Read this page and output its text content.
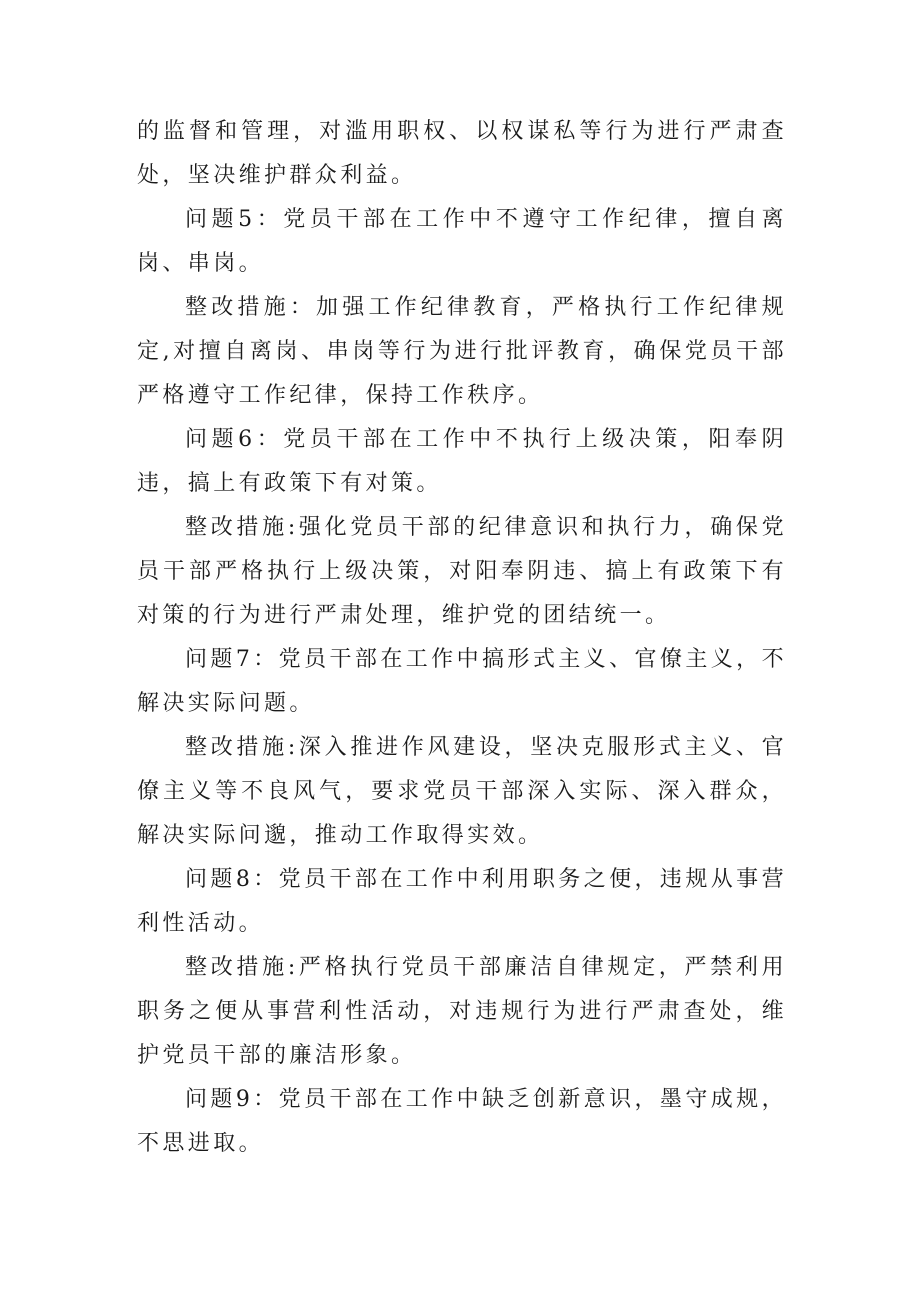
的监督和管理，对滥用职权、以权谋私等行为进行严肃查处，坚决维护群众利益。

问题5：党员干部在工作中不遵守工作纪律，擅自离岗、串岗。

整改措施：加强工作纪律教育，严格执行工作纪律规定,对擅自离岗、串岗等行为进行批评教育，确保党员干部严格遵守工作纪律，保持工作秩序。

问题6：党员干部在工作中不执行上级决策，阳奉阴违，搞上有政策下有对策。

整改措施:强化党员干部的纪律意识和执行力，确保党员干部严格执行上级决策，对阳奉阴违、搞上有政策下有对策的行为进行严肃处理，维护党的团结统一。

问题7：党员干部在工作中搞形式主义、官僚主义，不解决实际问题。

整改措施:深入推进作风建设，坚决克服形式主义、官僚主义等不良风气，要求党员干部深入实际、深入群众，解决实际问邈，推动工作取得实效。

问题8：党员干部在工作中利用职务之便，违规从事营利性活动。

整改措施:严格执行党员干部廉洁自律规定，严禁利用职务之便从事营利性活动，对违规行为进行严肃查处，维护党员干部的廉洁形象。

问题9：党员干部在工作中缺乏创新意识，墨守成规，不思进取。
